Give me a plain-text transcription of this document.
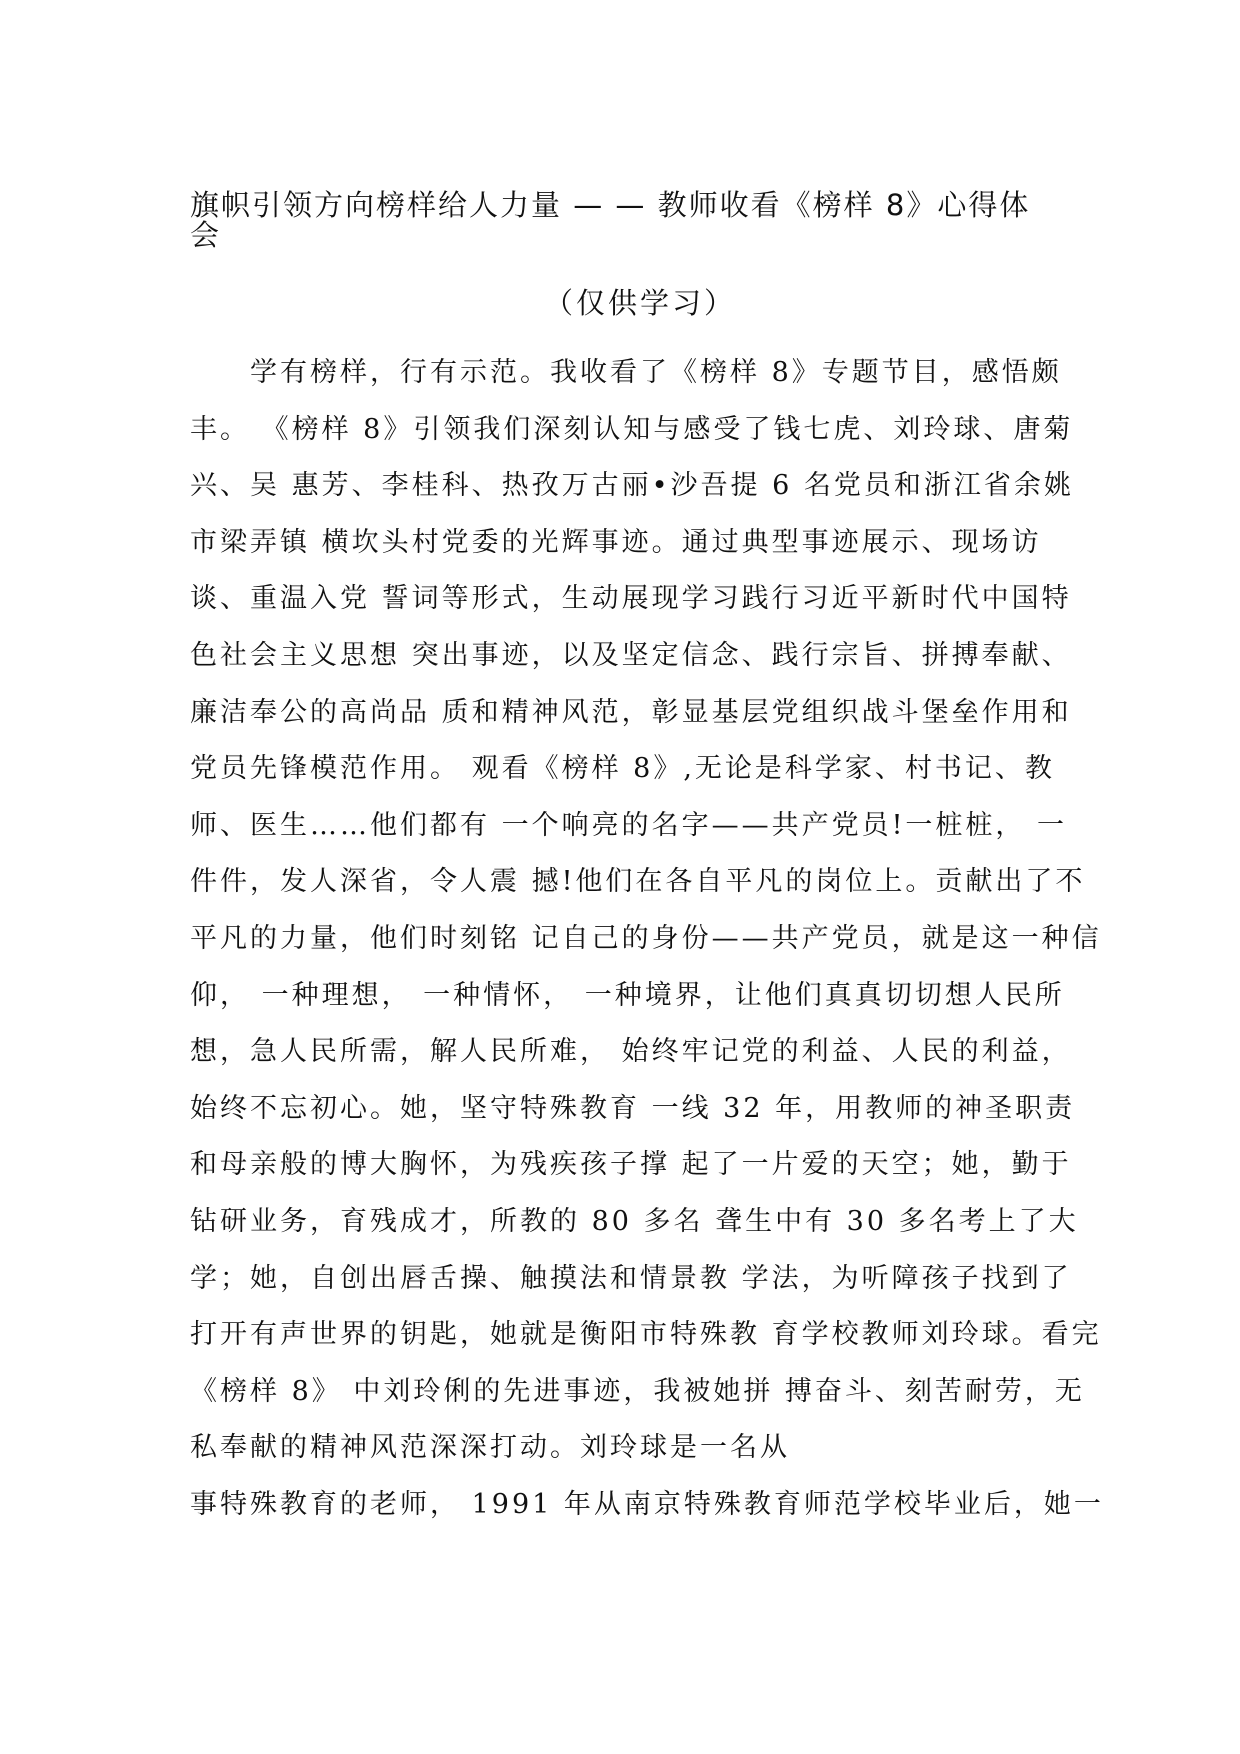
旗帜引领方向榜样给人力量 — — 教师收看《榜样 8》心得体
会

（仅供学习）

　　学有榜样，行有示范。我收看了《榜样 8》专题节目，感悟颇
丰。 《榜样 8》引领我们深刻认知与感受了钱七虎、刘玲球、唐菊
兴、吴 惠芳、李桂科、热孜万古丽•沙吾提 6 名党员和浙江省余姚
市梁弄镇 横坎头村党委的光辉事迹。通过典型事迹展示、现场访
谈、重温入党 誓词等形式，生动展现学习践行习近平新时代中国特
色社会主义思想 突出事迹，以及坚定信念、践行宗旨、拼搏奉献、
廉洁奉公的高尚品 质和精神风范，彰显基层党组织战斗堡垒作用和
党员先锋模范作用。 观看《榜样 8》,无论是科学家、村书记、教
师、医生……他们都有 一个响亮的名字——共产党员!一桩桩， 一
件件，发人深省，令人震 撼!他们在各自平凡的岗位上。贡献出了不
平凡的力量，他们时刻铭 记自己的身份——共产党员，就是这一种信
仰， 一种理想， 一种情怀， 一种境界，让他们真真切切想人民所
想，急人民所需，解人民所难， 始终牢记党的利益、人民的利益，
始终不忘初心。她，坚守特殊教育 一线 32 年，用教师的神圣职责
和母亲般的博大胸怀，为残疾孩子撑 起了一片爱的天空；她，勤于
钻研业务，育残成才，所教的 80 多名 聋生中有 30 多名考上了大
学；她，自创出唇舌操、触摸法和情景教 学法，为听障孩子找到了
打开有声世界的钥匙，她就是衡阳市特殊教 育学校教师刘玲球。看完
《榜样 8》 中刘玲俐的先进事迹，我被她拼 搏奋斗、刻苦耐劳，无
私奉献的精神风范深深打动。刘玲球是一名从
事特殊教育的老师， 1991 年从南京特殊教育师范学校毕业后，她一
